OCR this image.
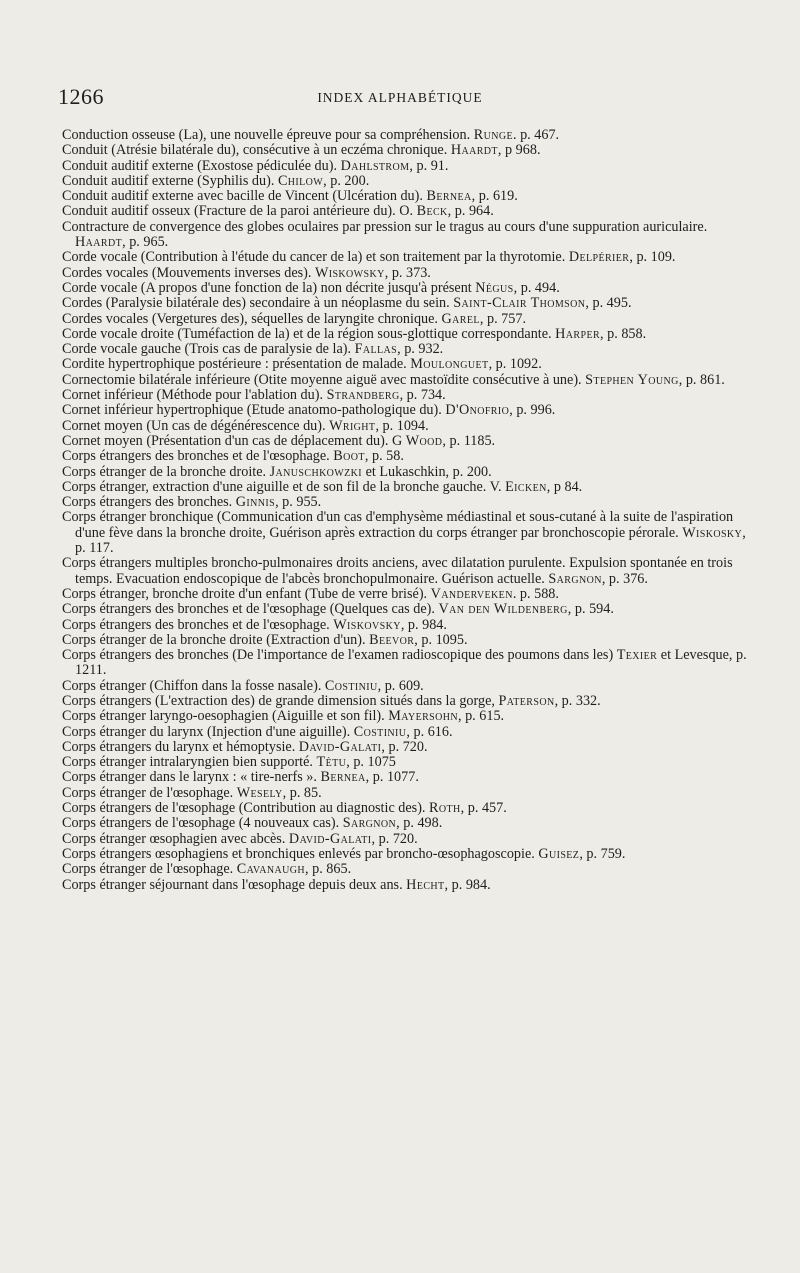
1266	INDEX ALPHABÉTIQUE
Conduction osseuse (La), une nouvelle épreuve pour sa compréhension. Runge. p. 467.
Conduit (Atrésie bilatérale du), consécutive à un eczéma chronique. Haardt, p 968.
Conduit auditif externe (Exostose pédiculée du). Dahlstrom, p. 91.
Conduit auditif externe (Syphilis du). Chilow, p. 200.
Conduit auditif externe avec bacille de Vincent (Ulcération du). Bernea, p. 619.
Conduit auditif osseux (Fracture de la paroi antérieure du). O. Beck, p. 964.
Contracture de convergence des globes oculaires par pression sur le tragus au cours d'une suppuration auriculaire. Haardt, p. 965.
Corde vocale (Contribution à l'étude du cancer de la) et son traitement par la thyrotomie. Delpérier, p. 109.
Cordes vocales (Mouvements inverses des). Wiskowsky, p. 373.
Corde vocale (A propos d'une fonction de la) non décrite jusqu'à présent Négus, p. 494.
Cordes (Paralysie bilatérale des) secondaire à un néoplasme du sein. Saint-Clair Thomson, p. 495.
Cordes vocales (Vergetures des), séquelles de laryngite chronique. Garel, p. 757.
Corde vocale droite (Tuméfaction de la) et de la région sous-glottique correspondante. Harper, p. 858.
Corde vocale gauche (Trois cas de paralysie de la). Fallas, p. 932.
Cordite hypertrophique postérieure : présentation de malade. Moulonguet, p. 1092.
Cornectomie bilatérale inférieure (Otite moyenne aiguë avec mastoïdite consécutive à une). Stephen Young, p. 861.
Cornet inférieur (Méthode pour l'ablation du). Strandberg, p. 734.
Cornet inférieur hypertrophique (Etude anatomo-pathologique du). D'Onofrio, p. 996.
Cornet moyen (Un cas de dégénérescence du). Wright, p. 1094.
Cornet moyen (Présentation d'un cas de déplacement du). G Wood, p. 1185.
Corps étrangers des bronches et de l'œsophage. Boot, p. 58.
Corps étranger de la bronche droite. Januschkowzki et Lukaschkin, p. 200.
Corps étranger, extraction d'une aiguille et de son fil de la bronche gauche. V. Eicken, p 84.
Corps étrangers des bronches. Ginnis, p. 955.
Corps étranger bronchique (Communication d'un cas d'emphysème médiastinal et sous-cutané à la suite de l'aspiration d'une fève dans la bronche droite, Guérison après extraction du corps étranger par bronchoscopie pérorale. Wiskosky, p. 117.
Corps étrangers multiples broncho-pulmonaires droits anciens, avec dilatation purulente. Expulsion spontanée en trois temps. Evacuation endoscopique de l'abcès bronchopulmonaire. Guérison actuelle. Sargnon, p. 376.
Corps étranger, bronche droite d'un enfant (Tube de verre brisé). Vanderveken. p. 588.
Corps étrangers des bronches et de l'œsophage (Quelques cas de). Van den Wildenberg, p. 594.
Corps étrangers des bronches et de l'œsophage. Wiskovsky, p. 984.
Corps étranger de la bronche droite (Extraction d'un). Beevor, p. 1095.
Corps étrangers des bronches (De l'importance de l'examen radioscopique des poumons dans les) Texier et Levesque, p. 1211.
Corps étranger (Chiffon dans la fosse nasale). Costiniu, p. 609.
Corps étrangers (L'extraction des) de grande dimension situés dans la gorge, Paterson, p. 332.
Corps étranger laryngo-oesophagien (Aiguille et son fil). Mayersohn, p. 615.
Corps étranger du larynx (Injection d'une aiguille). Costiniu, p. 616.
Corps étrangers du larynx et hémoptysie. David-Galati, p. 720.
Corps étranger intralaryngien bien supporté. Tètu, p. 1075
Corps étranger dans le larynx : « tire-nerfs ». Bernea, p. 1077.
Corps étranger de l'œsophage. Wesely, p. 85.
Corps étrangers de l'œsophage (Contribution au diagnostic des). Roth, p. 457.
Corps étrangers de l'œsophage (4 nouveaux cas). Sargnon, p. 498.
Corps étranger œsophagien avec abcès. David-Galati, p. 720.
Corps étrangers œsophagiens et bronchiques enlevés par broncho-œsophagoscopie. Guisez, p. 759.
Corps étranger de l'œsophage. Cavanaugh, p. 865.
Corps étranger séjournant dans l'œsophage depuis deux ans. Hecht, p. 984.
